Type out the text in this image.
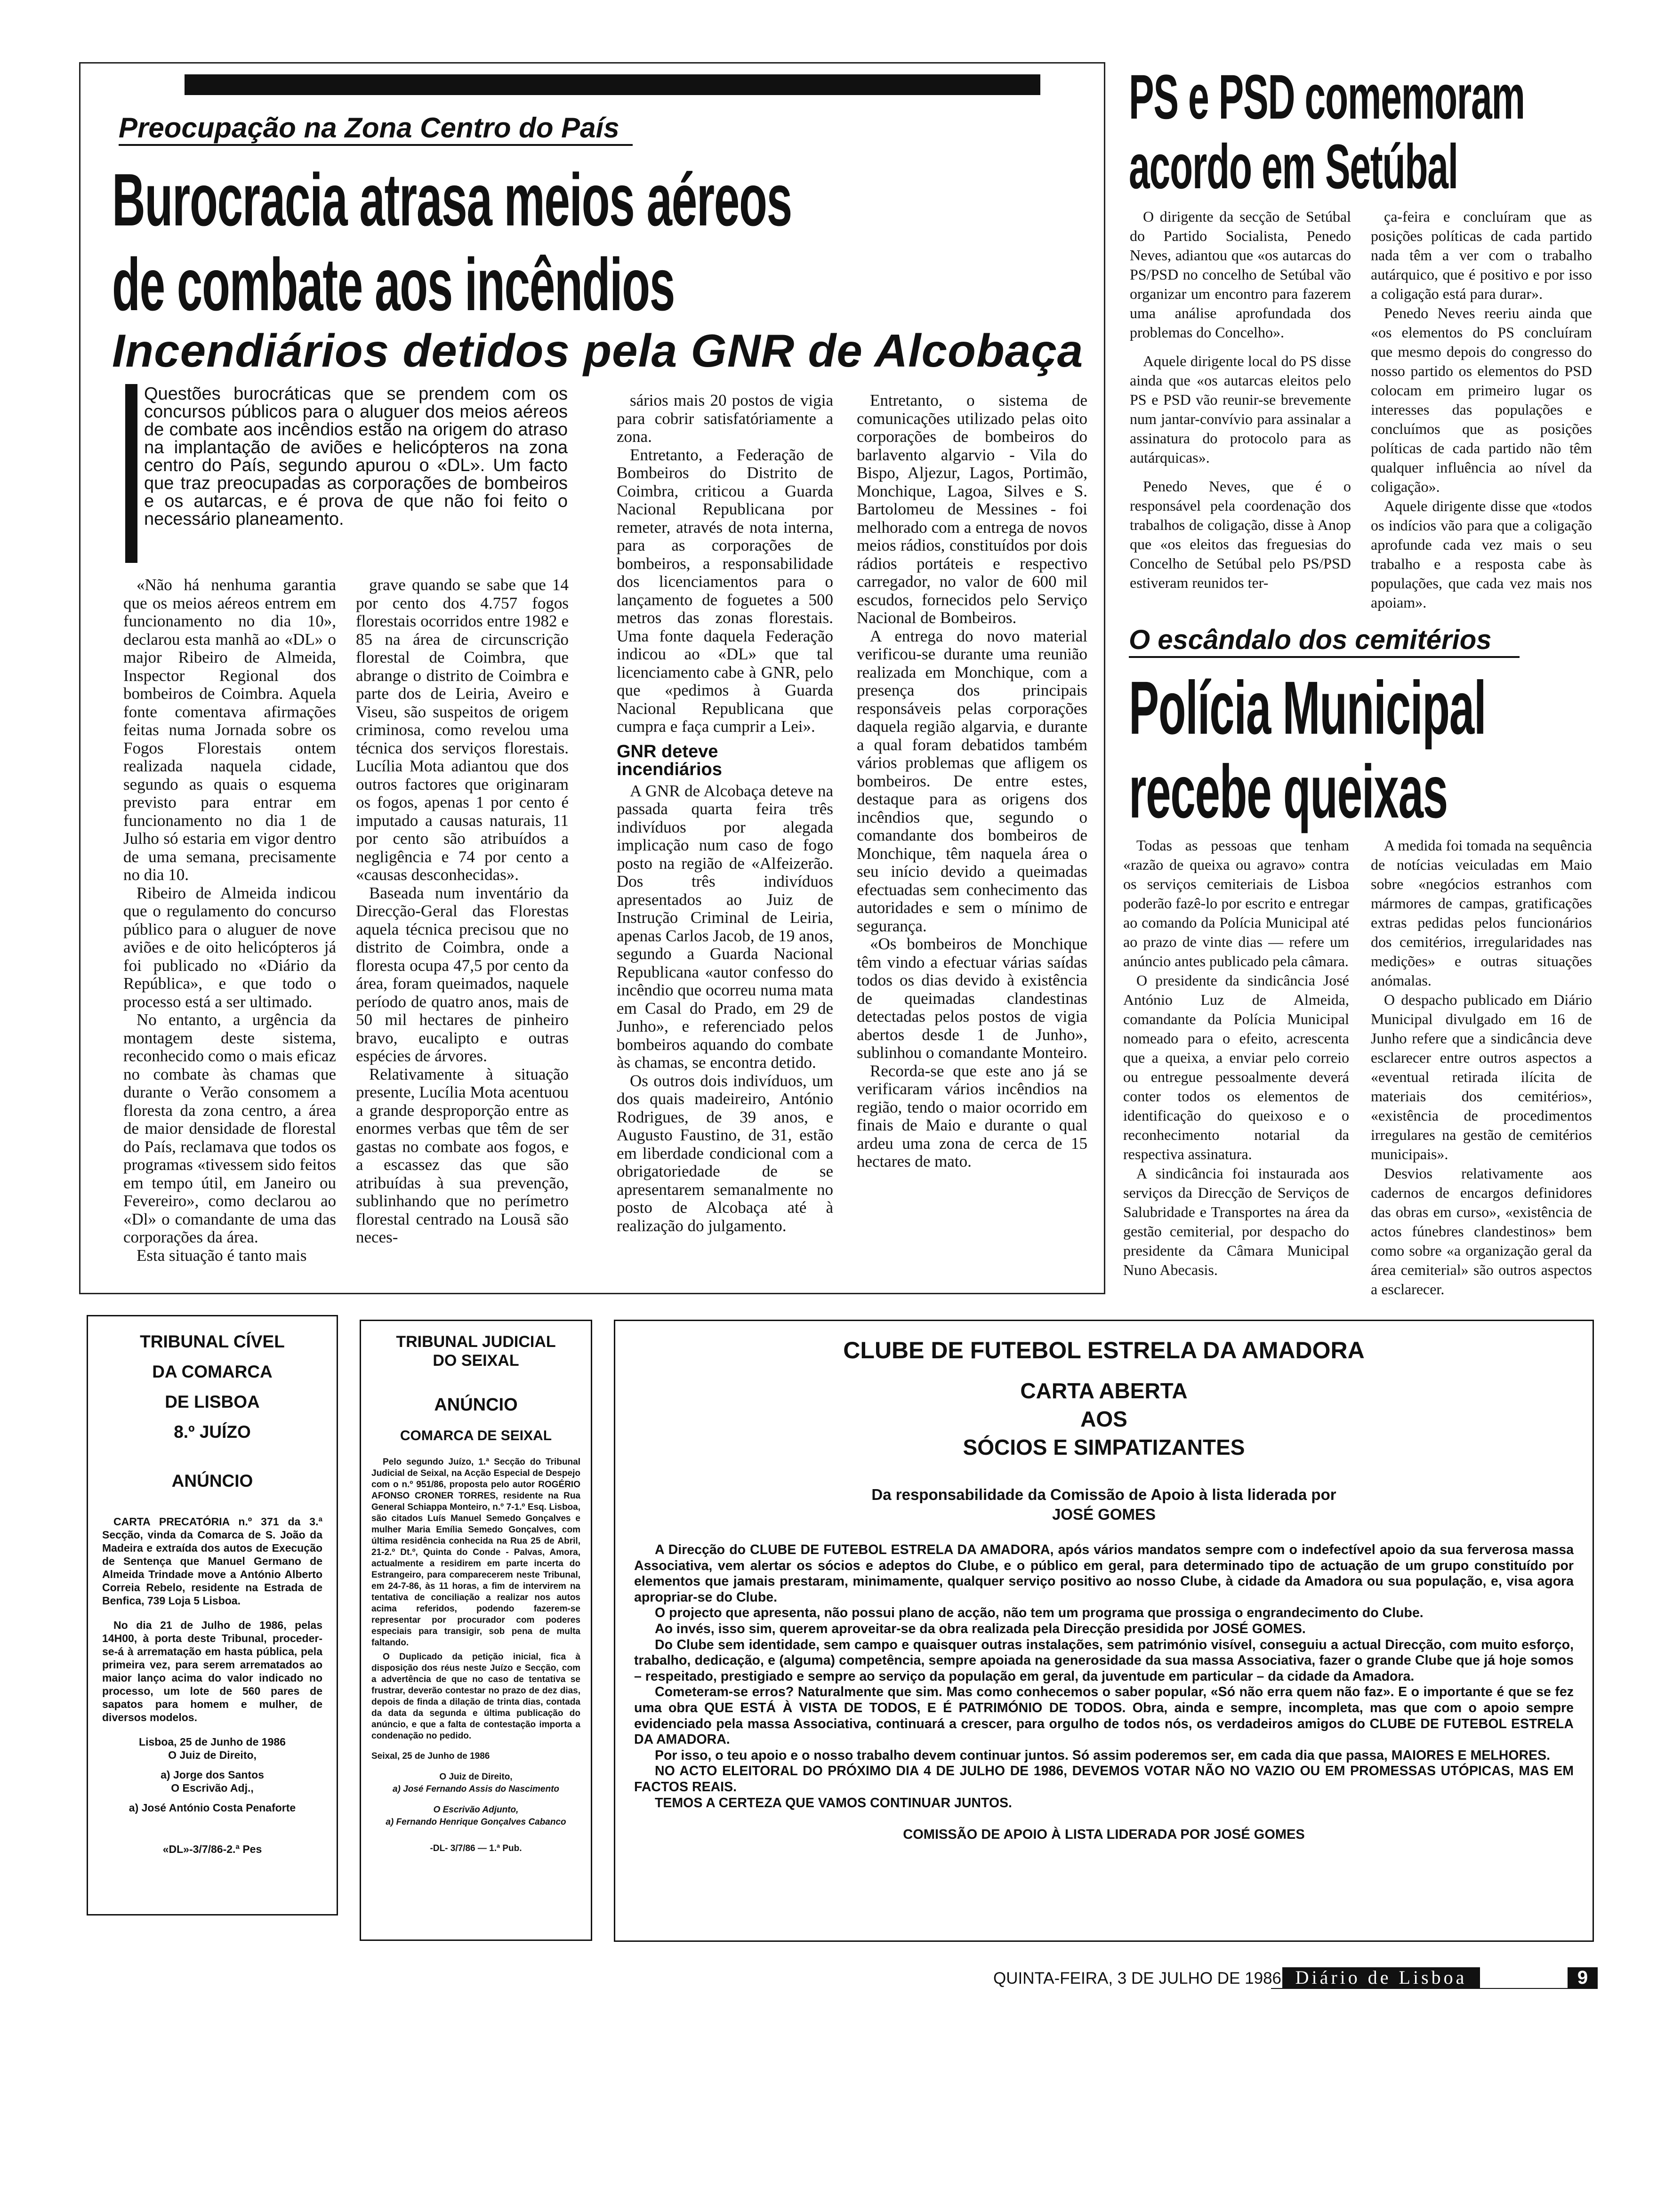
Preocupação na Zona Centro do País
Burocracia atrasa meios aéreos
de combate aos incêndios
Incendiários detidos pela GNR de Alcobaça
Questões burocráticas que se prendem com os concursos públicos para o aluguer dos meios aéreos de combate aos incêndios estão na origem do atraso na implantação de aviões e helicópteros na zona centro do País, segundo apurou o «DL». Um facto que traz preocupadas as corporações de bombeiros e os autarcas, e é prova de que não foi feito o necessário planeamento.

«Não há nenhuma garantia que os meios aéreos entrem em funcionamento no dia 10», declarou esta manhã ao «DL» o major Ribeiro de Almeida, Inspector Regional dos bombeiros de Coimbra. Aquela fonte comentava afirmações feitas numa Jornada sobre os Fogos Florestais ontem realizada naquela cidade, segundo as quais o esquema previsto para entrar em funcionamento no dia 1 de Julho só estaria em vigor dentro de uma semana, precisamente no dia 10.

Ribeiro de Almeida indicou que o regulamento do concurso público para o aluguer de nove aviões e de oito helicópteros já foi publicado no «Diário da República», e que todo o processo está a ser ultimado.

No entanto, a urgência da montagem deste sistema, reconhecido como o mais eficaz no combate às chamas que durante o Verão consomem a floresta da zona centro, a área de maior densidade de florestal do País, reclamava que todos os programas «tivessem sido feitos em tempo útil, em Janeiro ou Fevereiro», como declarou ao «Dl» o comandante de uma das corporações da área.

Esta situação é tanto mais

grave quando se sabe que 14 por cento dos 4.757 fogos florestais ocorridos entre 1982 e 85 na área de circunscrição florestal de Coimbra, que abrange o distrito de Coimbra e parte dos de Leiria, Aveiro e Viseu, são suspeitos de origem criminosa, como revelou uma técnica dos serviços florestais. Lucília Mota adiantou que dos outros factores que originaram os fogos, apenas 1 por cento é imputado a causas naturais, 11 por cento são atribuídos a negligência e 74 por cento a «causas desconhecidas».

Baseada num inventário da Direcção-Geral das Florestas aquela técnica precisou que no distrito de Coimbra, onde a floresta ocupa 47,5 por cento da área, foram queimados, naquele período de quatro anos, mais de 50 mil hectares de pinheiro bravo, eucalipto e outras espécies de árvores.

Relativamente à situação presente, Lucília Mota acentuou a grande desproporção entre as enormes verbas que têm de ser gastas no combate aos fogos, e a escassez das que são atribuídas à sua prevenção, sublinhando que no perímetro florestal centrado na Lousã são neces-

sários mais 20 postos de vigia para cobrir satisfatóriamente a zona.

Entretanto, a Federação de Bombeiros do Distrito de Coimbra, criticou a Guarda Nacional Republicana por remeter, através de nota interna, para as corporações de bombeiros, a responsabilidade dos licenciamentos para o lançamento de foguetes a 500 metros das zonas florestais. Uma fonte daquela Federação indicou ao «DL» que tal licenciamento cabe à GNR, pelo que «pedimos à Guarda Nacional Republicana que cumpra e faça cumprir a Lei».

GNR deteve
incendiários

A GNR de Alcobaça deteve na passada quarta feira três indivíduos por alegada implicação num caso de fogo posto na região de «Alfeizerão. Dos três indivíduos apresentados ao Juiz de Instrução Criminal de Leiria, apenas Carlos Jacob, de 19 anos, segundo a Guarda Nacional Republicana «autor confesso do incêndio que ocorreu numa mata em Casal do Prado, em 29 de Junho», e referenciado pelos bombeiros aquando do combate às chamas, se encontra detido.

Os outros dois indivíduos, um dos quais madeireiro, António Rodrigues, de 39 anos, e Augusto Faustino, de 31, estão em liberdade condicional com a obrigatoriedade de se apresentarem semanalmente no posto de Alcobaça até à realização do julgamento.

Entretanto, o sistema de comunicações utilizado pelas oito corporações de bombeiros do barlavento algarvio - Vila do Bispo, Aljezur, Lagos, Portimão, Monchique, Lagoa, Silves e S. Bartolomeu de Messines - foi melhorado com a entrega de novos meios rádios, constituídos por dois rádios portáteis e respectivo carregador, no valor de 600 mil escudos, fornecidos pelo Serviço Nacional de Bombeiros.

A entrega do novo material verificou-se durante uma reunião realizada em Monchique, com a presença dos principais responsáveis pelas corporações daquela região algarvia, e durante a qual foram debatidos também vários problemas que afligem os bombeiros. De entre estes, destaque para as origens dos incêndios que, segundo o comandante dos bombeiros de Monchique, têm naquela área o seu início devido a queimadas efectuadas sem conhecimento das autoridades e sem o mínimo de segurança.

«Os bombeiros de Monchique têm vindo a efectuar várias saídas todos os dias devido à existência de queimadas clandestinas detectadas pelos postos de vigia abertos desde 1 de Junho», sublinhou o comandante Monteiro.

Recorda-se que este ano já se verificaram vários incêndios na região, tendo o maior ocorrido em finais de Maio e durante o qual ardeu uma zona de cerca de 15 hectares de mato.

PS e PSD comemoram
acordo em Setúbal

O dirigente da secção de Setúbal do Partido Socialista, Penedo Neves, adiantou que «os autarcas do PS/PSD no concelho de Setúbal vão organizar um encontro para fazerem uma análise aprofundada dos problemas do Concelho».

Aquele dirigente local do PS disse ainda que «os autarcas eleitos pelo PS e PSD vão reunir-se brevemente num jantar-convívio para assinalar a assinatura do protocolo para as autárquicas».

Penedo Neves, que é o responsável pela coordenação dos trabalhos de coligação, disse à Anop que «os eleitos das freguesias do Concelho de Setúbal pelo PS/PSD estiveram reunidos ter-

ça-feira e concluíram que as posições políticas de cada partido nada têm a ver com o trabalho autárquico, que é positivo e por isso a coligação está para durar».

Penedo Neves reeriu ainda que «os elementos do PS concluíram que mesmo depois do congresso do nosso partido os elementos do PSD colocam em primeiro lugar os interesses das populações e concluímos que as posições políticas de cada partido não têm qualquer influência ao nível da coligação».

Aquele dirigente disse que «todos os indícios vão para que a coligação aprofunde cada vez mais o seu trabalho e a resposta cabe às populações, que cada vez mais nos apoiam».

O escândalo dos cemitérios
Polícia Municipal
recebe queixas

Todas as pessoas que tenham «razão de queixa ou agravo» contra os serviços cemiteriais de Lisboa poderão fazê-lo por escrito e entregar ao comando da Polícia Municipal até ao prazo de vinte dias — refere um anúncio antes publicado pela câmara.

O presidente da sindicância José António Luz de Almeida, comandante da Polícia Municipal nomeado para o efeito, acrescenta que a queixa, a enviar pelo correio ou entregue pessoalmente deverá conter todos os elementos de identificação do queixoso e o reconhecimento notarial da respectiva assinatura.

A sindicância foi instaurada aos serviços da Direcção de Serviços de Salubridade e Transportes na área da gestão cemiterial, por despacho do presidente da Câmara Municipal Nuno Abecasis.

A medida foi tomada na sequência de notícias veiculadas em Maio sobre «negócios estranhos com mármores de campas, gratificações extras pedidas pelos funcionários dos cemitérios, irregularidades nas medições» e outras situações anómalas.

O despacho publicado em Diário Municipal divulgado em 16 de Junho refere que a sindicância deve esclarecer entre outros aspectos a «eventual retirada ilícita de materiais dos cemitérios», «existência de procedimentos irregulares na gestão de cemitérios municipais».

Desvios relativamente aos cadernos de encargos definidores das obras em curso», «existência de actos fúnebres clandestinos» bem como sobre «a organização geral da área cemiterial» são outros aspectos a esclarecer.

TRIBUNAL CÍVEL
DA COMARCA
DE LISBOA
8.º JUÍZO
ANÚNCIO

CARTA PRECATÓRIA n.º 371 da 3.ª Secção, vinda da Comarca de S. João da Madeira e extraída dos autos de Execução de Sentença que Manuel Germano de Almeida Trindade move a António Alberto Correia Rebelo, residente na Estrada de Benfica, 739 Loja 5 Lisboa.

No dia 21 de Julho de 1986, pelas 14H00, à porta deste Tribunal, proceder-se-á à arrematação em hasta pública, pela primeira vez, para serem arrematados ao maior lanço acima do valor indicado no processo, um lote de 560 pares de sapatos para homem e mulher, de diversos modelos.

Lisboa, 25 de Junho de 1986
O Juiz de Direito,
a) Jorge dos Santos
O Escrivão Adj.,
a) José António Costa Penaforte
«DL»-3/7/86-2.ª Pes
TRIBUNAL JUDICIAL
DO SEIXAL
ANÚNCIO
COMARCA DE SEIXAL

Pelo segundo Juízo, 1.ª Secção do Tribunal Judicial de Seixal, na Acção Especial de Despejo com o n.º 951/86, proposta pelo autor ROGÉRIO AFONSO CRONER TORRES, residente na Rua General Schiappa Monteiro, n.º 7-1.º Esq. Lisboa, são citados Luís Manuel Semedo Gonçalves e mulher Maria Emília Semedo Gonçalves, com última residência conhecida na Rua 25 de Abril, 21-2.º Dt.º, Quinta do Conde - Palvas, Amora, actualmente a residirem em parte incerta do Estrangeiro, para comparecerem neste Tribunal, em 24-7-86, às 11 horas, a fim de intervirem na tentativa de conciliação a realizar nos autos acima referidos, podendo fazerem-se representar por procurador com poderes especiais para transigir, sob pena de multa faltando.

O Duplicado da petição inicial, fica à disposição dos réus neste Juízo e Secção, com a advertência de que no caso de tentativa se frustrar, deverão contestar no prazo de dez dias, depois de finda a dilação de trinta dias, contada da data da segunda e última publicação do anúncio, e que a falta de contestação importa a condenação no pedido.

Seixal, 25 de Junho de 1986
O Juiz de Direito,
a) José Fernando Assis do Nascimento
O Escrivão Adjunto,
a) Fernando Henrique Gonçalves Cabanco
-DL- 3/7/86 — 1.ª Pub.
CLUBE DE FUTEBOL ESTRELA DA AMADORA
CARTA ABERTA
AOS
SÓCIOS E SIMPATIZANTES
Da responsabilidade da Comissão de Apoio à lista liderada por
JOSÉ GOMES

A Direcção do CLUBE DE FUTEBOL ESTRELA DA AMADORA, após vários mandatos sempre com o indefectível apoio da sua ferverosa massa Associativa, vem alertar os sócios e adeptos do Clube, e o público em geral, para determinado tipo de actuação de um grupo constituído por elementos que jamais prestaram, minimamente, qualquer serviço positivo ao nosso Clube, à cidade da Amadora ou sua população, e, visa agora apropriar-se do Clube.

O projecto que apresenta, não possui plano de acção, não tem um programa que prossiga o engrandecimento do Clube.

Ao invés, isso sim, querem aproveitar-se da obra realizada pela Direcção presidida por JOSÉ GOMES.

Do Clube sem identidade, sem campo e quaisquer outras instalações, sem património visível, conseguiu a actual Direcção, com muito esforço, trabalho, dedicação, e (alguma) competência, sempre apoiada na generosidade da sua massa Associativa, fazer o grande Clube que já hoje somos – respeitado, prestigiado e sempre ao serviço da população em geral, da juventude em particular – da cidade da Amadora.

Cometeram-se erros? Naturalmente que sim. Mas como conhecemos o saber popular, «Só não erra quem não faz». E o importante é que se fez uma obra QUE ESTÁ À VISTA DE TODOS, E É PATRIMÓNIO DE TODOS. Obra, ainda e sempre, incompleta, mas que com o apoio sempre evidenciado pela massa Associativa, continuará a crescer, para orgulho de todos nós, os verdadeiros amigos do CLUBE DE FUTEBOL ESTRELA DA AMADORA.

Por isso, o teu apoio e o nosso trabalho devem continuar juntos. Só assim poderemos ser, em cada dia que passa, MAIORES E MELHORES.

NO ACTO ELEITORAL DO PRÓXIMO DIA 4 DE JULHO DE 1986, DEVEMOS VOTAR NÃO NO VAZIO OU EM PROMESSAS UTÓPICAS, MAS EM FACTOS REAIS.

TEMOS A CERTEZA QUE VAMOS CONTINUAR JUNTOS.

COMISSÃO DE APOIO À LISTA LIDERADA POR JOSÉ GOMES
QUINTA-FEIRA, 3 DE JULHO DE 1986 Diário de Lisboa	9
